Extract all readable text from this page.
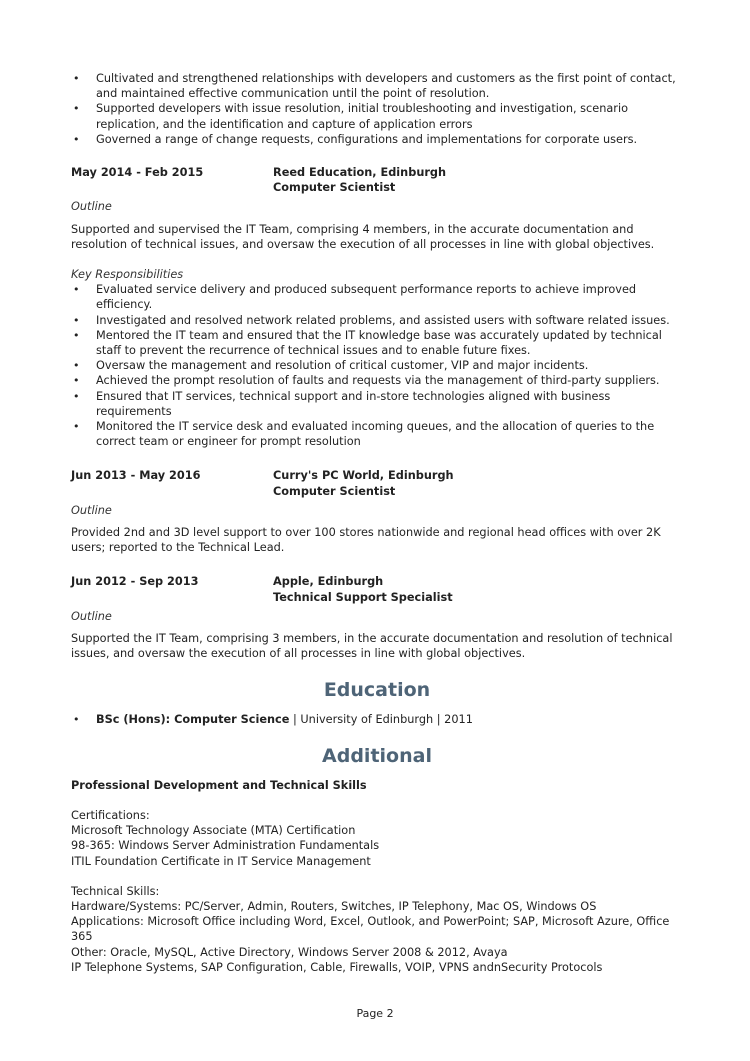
• Cultivated and strengthened relationships with developers and customers as the first point of contact, and maintained effective communication until the point of resolution.
• Supported developers with issue resolution, initial troubleshooting and investigation, scenario replication, and the identification and capture of application errors
• Governed a range of change requests, configurations and implementations for corporate users.
May 2014 - Feb 2015	Reed Education, Edinburgh
Computer Scientist
Outline

Supported and supervised the IT Team, comprising 4 members, in the accurate documentation and resolution of technical issues, and oversaw the execution of all processes in line with global objectives.

Key Responsibilities
• Evaluated service delivery and produced subsequent performance reports to achieve improved efficiency.
• Investigated and resolved network related problems, and assisted users with software related issues.
• Mentored the IT team and ensured that the IT knowledge base was accurately updated by technical staff to prevent the recurrence of technical issues and to enable future fixes.
• Oversaw the management and resolution of critical customer, VIP and major incidents.
• Achieved the prompt resolution of faults and requests via the management of third-party suppliers.
• Ensured that IT services, technical support and in-store technologies aligned with business requirements
• Monitored the IT service desk and evaluated incoming queues, and the allocation of queries to the correct team or engineer for prompt resolution
Jun 2013 - May 2016	Curry's PC World, Edinburgh
Computer Scientist
Outline

Provided 2nd and 3D level support to over 100 stores nationwide and regional head offices with over 2K users; reported to the Technical Lead.

Jun 2012 - Sep 2013	Apple, Edinburgh
Technical Support Specialist
Outline

Supported the IT Team, comprising 3 members, in the accurate documentation and resolution of technical issues, and oversaw the execution of all processes in line with global objectives.

Education
• BSc (Hons): Computer Science | University of Edinburgh | 2011
Additional
Professional Development and Technical Skills
Certifications:
Microsoft Technology Associate (MTA) Certification
98-365: Windows Server Administration Fundamentals
ITIL Foundation Certificate in IT Service Management
Technical Skills:
Hardware/Systems: PC/Server, Admin, Routers, Switches, IP Telephony, Mac OS, Windows OS
Applications: Microsoft Office including Word, Excel, Outlook, and PowerPoint; SAP, Microsoft Azure, Office 365
Other: Oracle, MySQL, Active Directory, Windows Server 2008 & 2012, Avaya
IP Telephone Systems, SAP Configuration, Cable, Firewalls, VOIP, VPNS andnSecurity Protocols
Page 2
